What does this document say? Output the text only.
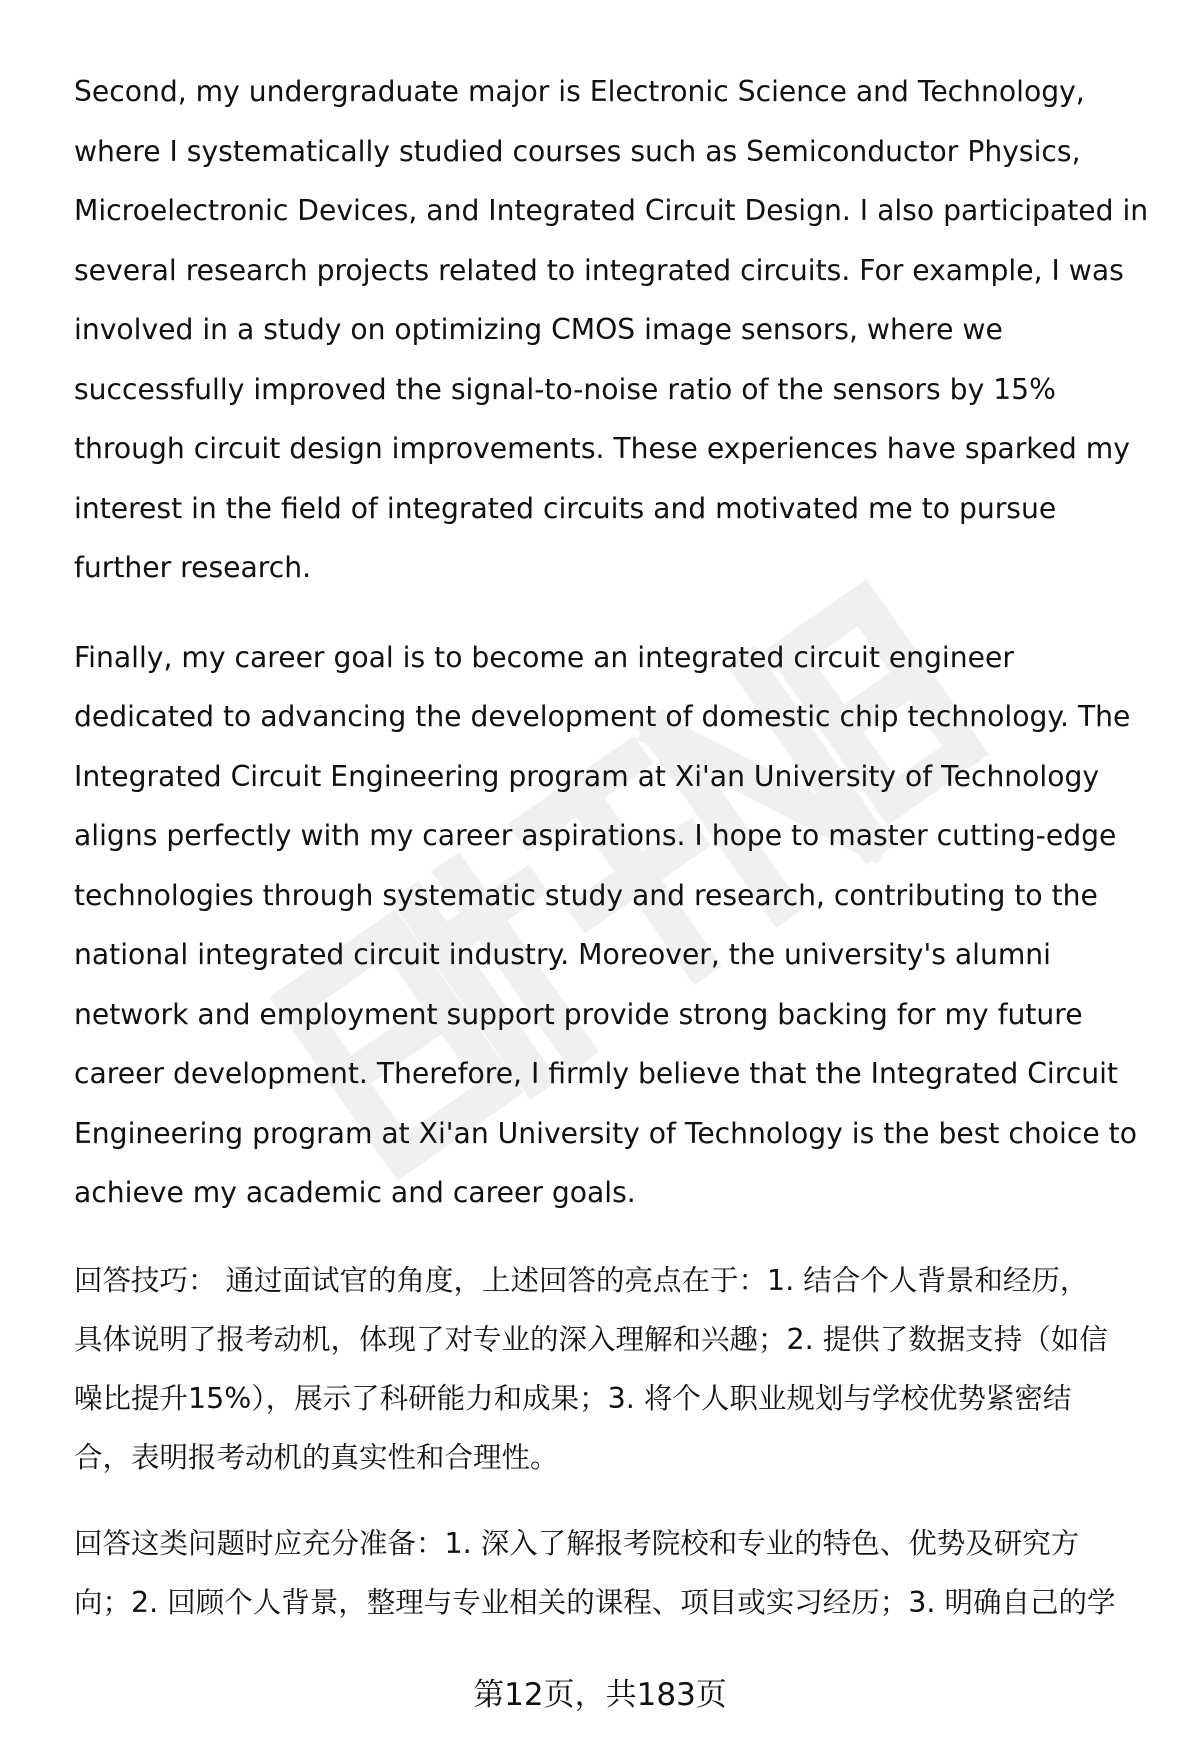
Second, my undergraduate major is Electronic Science and Technology,
where I systematically studied courses such as Semiconductor Physics,
Microelectronic Devices, and Integrated Circuit Design. I also participated in
several research projects related to integrated circuits. For example, I was
involved in a study on optimizing CMOS image sensors, where we
successfully improved the signal-to-noise ratio of the sensors by 15%
through circuit design improvements. These experiences have sparked my
interest in the field of integrated circuits and motivated me to pursue
further research.

Finally, my career goal is to become an integrated circuit engineer
dedicated to advancing the development of domestic chip technology. The
Integrated Circuit Engineering program at Xi'an University of Technology
aligns perfectly with my career aspirations. I hope to master cutting-edge
technologies through systematic study and research, contributing to the
national integrated circuit industry. Moreover, the university's alumni
network and employment support provide strong backing for my future
career development. Therefore, I firmly believe that the Integrated Circuit
Engineering program at Xi'an University of Technology is the best choice to
achieve my academic and career goals.

回答技巧： 通过面试官的角度，上述回答的亮点在于：1. 结合个人背景和经历，
具体说明了报考动机，体现了对专业的深入理解和兴趣；2. 提供了数据支持（如信
噪比提升15%），展示了科研能力和成果；3. 将个人职业规划与学校优势紧密结
合，表明报考动机的真实性和合理性。

回答这类问题时应充分准备：1. 深入了解报考院校和专业的特色、优势及研究方
向；2. 回顾个人背景，整理与专业相关的课程、项目或实习经历；3. 明确自己的学

第12页，共183页
